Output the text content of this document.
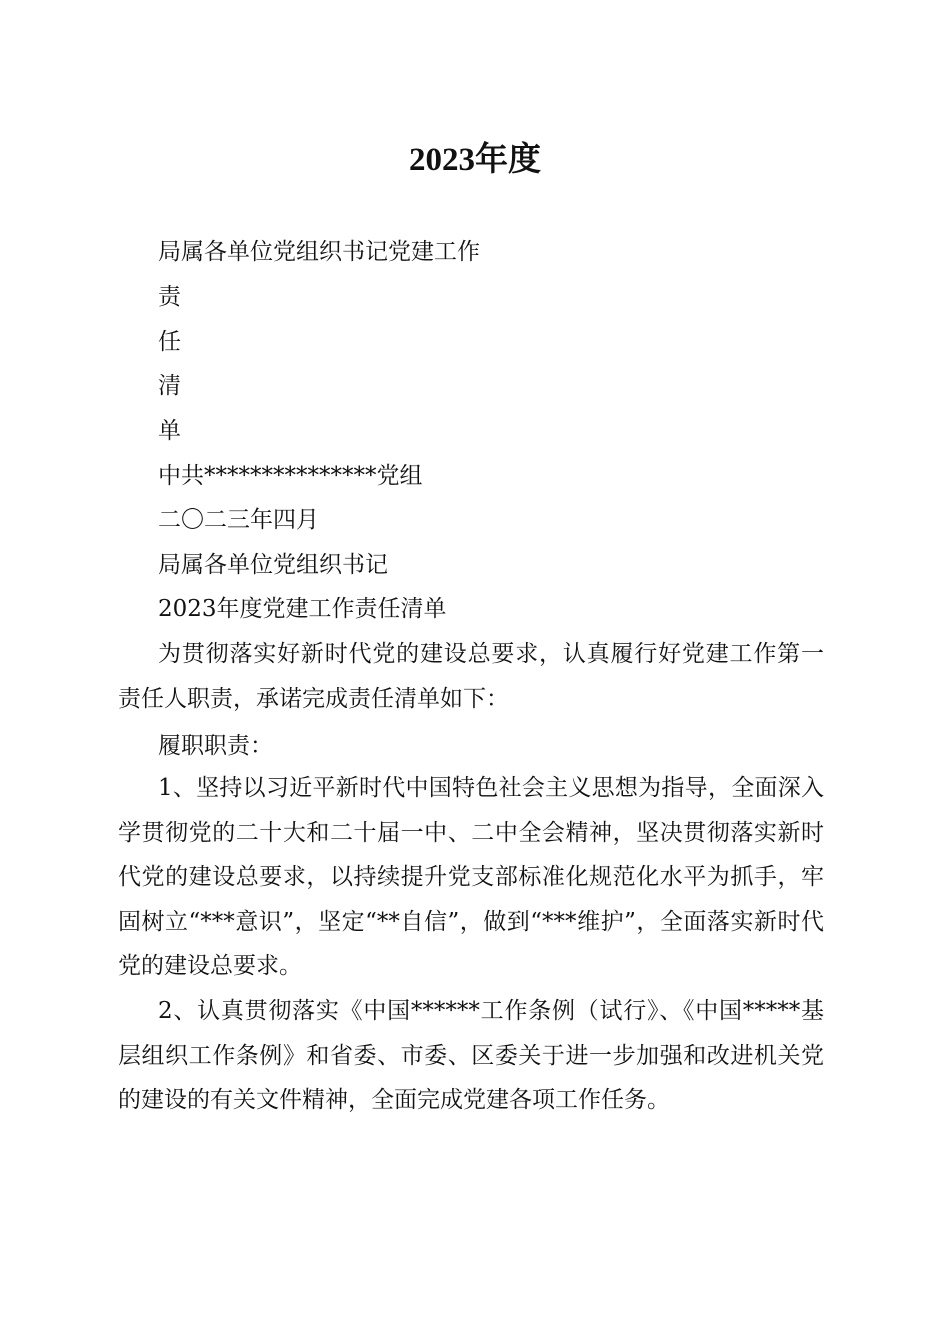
2023年度
局属各单位党组织书记党建工作
责
任
清
单
中共***************党组
二〇二三年四月
局属各单位党组织书记
2023年度党建工作责任清单
为贯彻落实好新时代党的建设总要求，认真履行好党建工作第一责任人职责，承诺完成责任清单如下：
履职职责：
1、坚持以习近平新时代中国特色社会主义思想为指导，全面深入学贯彻党的二十大和二十届一中、二中全会精神，坚决贯彻落实新时代党的建设总要求，以持续提升党支部标准化规范化水平为抓手，牢固树立“***意识”，坚定“**自信”，做到“***维护”，全面落实新时代党的建设总要求。
2、认真贯彻落实《中国******工作条例（试行》、《中国*****基层组织工作条例》和省委、市委、区委关于进一步加强和改进机关党的建设的有关文件精神，全面完成党建各项工作任务。
